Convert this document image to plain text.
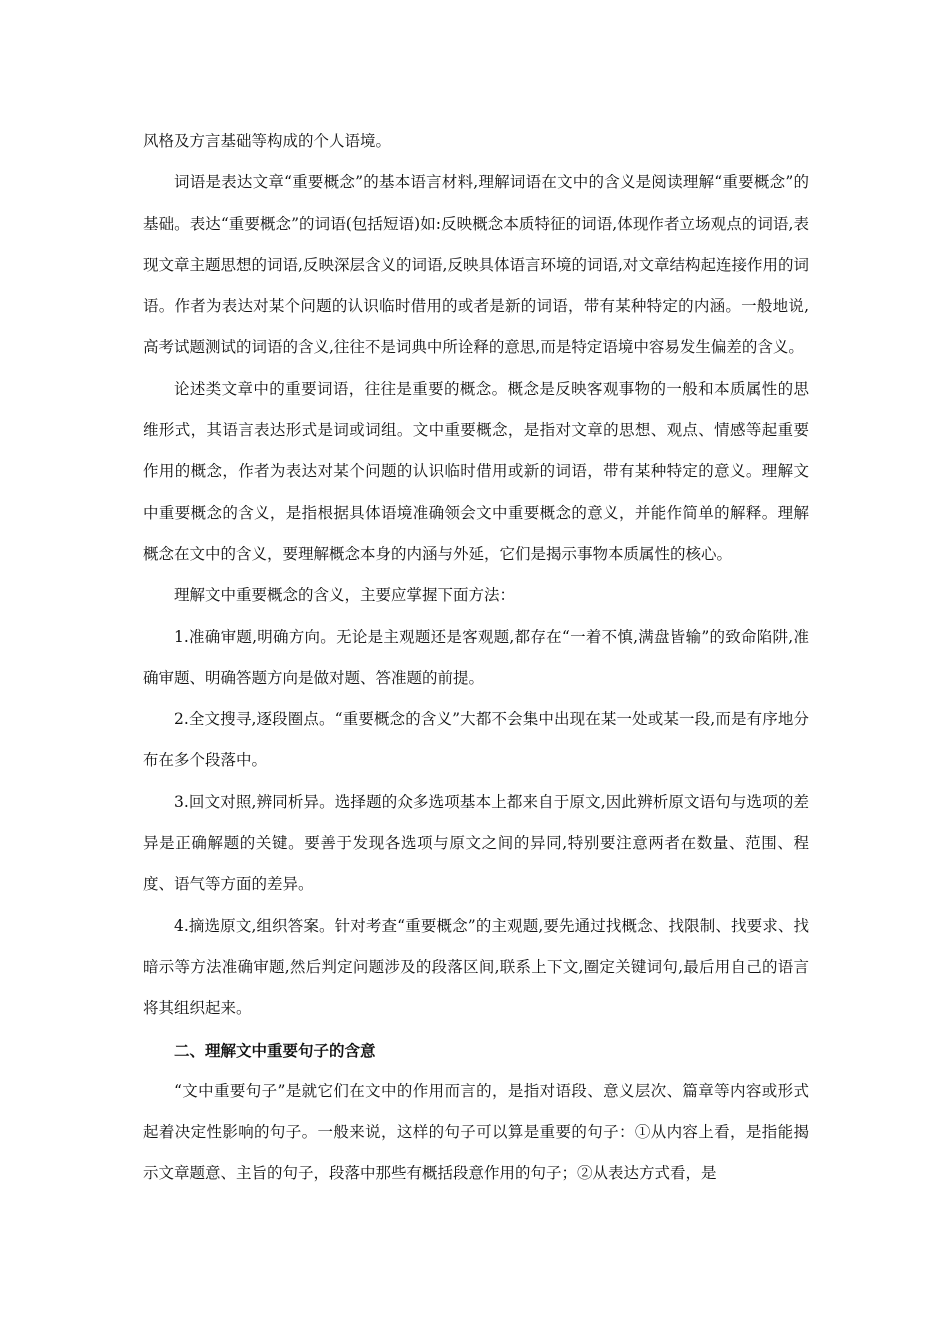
风格及方言基础等构成的个人语境。

词语是表达文章“重要概念”的基本语言材料,理解词语在文中的含义是阅读理解“重要概念”的基础。表达“重要概念”的词语(包括短语)如:反映概念本质特征的词语,体现作者立场观点的词语,表现文章主题思想的词语,反映深层含义的词语,反映具体语言环境的词语,对文章结构起连接作用的词语。作者为表达对某个问题的认识临时借用的或者是新的词语，带有某种特定的内涵。一般地说,高考试题测试的词语的含义,往往不是词典中所诠释的意思,而是特定语境中容易发生偏差的含义。

论述类文章中的重要词语，往往是重要的概念。概念是反映客观事物的一般和本质属性的思维形式，其语言表达形式是词或词组。文中重要概念，是指对文章的思想、观点、情感等起重要作用的概念，作者为表达对某个问题的认识临时借用或新的词语，带有某种特定的意义。理解文中重要概念的含义，是指根据具体语境准确领会文中重要概念的意义，并能作简单的解释。理解概念在文中的含义，要理解概念本身的内涵与外延，它们是揭示事物本质属性的核心。

理解文中重要概念的含义，主要应掌握下面方法：

1.准确审题,明确方向。无论是主观题还是客观题,都存在“一着不慎,满盘皆输”的致命陷阱,准确审题、明确答题方向是做对题、答准题的前提。

2.全文搜寻,逐段圈点。“重要概念的含义”大都不会集中出现在某一处或某一段,而是有序地分布在多个段落中。

3.回文对照,辨同析异。选择题的众多选项基本上都来自于原文,因此辨析原文语句与选项的差异是正确解题的关键。要善于发现各选项与原文之间的异同,特别要注意两者在数量、范围、程度、语气等方面的差异。

4.摘选原文,组织答案。针对考查“重要概念”的主观题,要先通过找概念、找限制、找要求、找暗示等方法准确审题,然后判定问题涉及的段落区间,联系上下文,圈定关键词句,最后用自己的语言将其组织起来。

二、理解文中重要句子的含意

“文中重要句子”是就它们在文中的作用而言的，是指对语段、意义层次、篇章等内容或形式起着决定性影响的句子。一般来说，这样的句子可以算是重要的句子：①从内容上看，是指能揭示文章题意、主旨的句子，段落中那些有概括段意作用的句子；②从表达方式看，是
